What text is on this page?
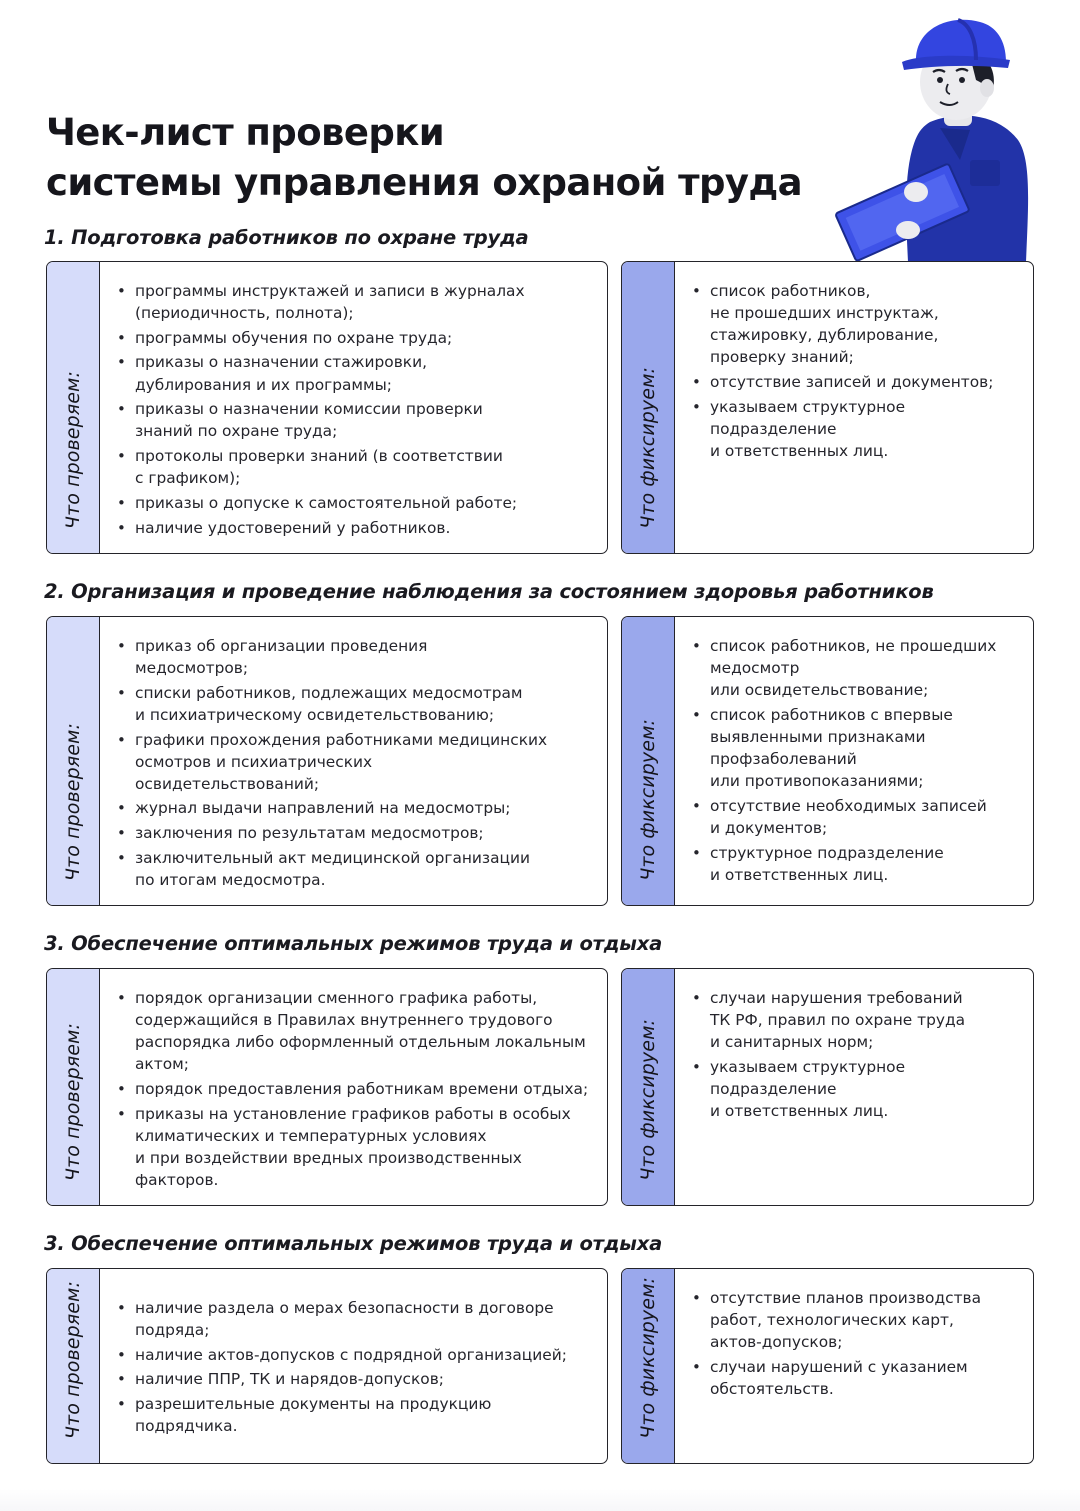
Чек-лист проверки
системы управления охраной труда
1. Подготовка работников по охране труда
Что проверяем:
• программы инструктажей и записи в журналах
(периодичность, полнота);
• программы обучения по охране труда;
• приказы о назначении стажировки,
дублирования и их программы;
• приказы о назначении комиссии проверки
знаний по охране труда;
• протоколы проверки знаний (в соответствии
с графиком);
• приказы о допуске к самостоятельной работе;
• наличие удостоверений у работников.	Что фиксируем:
• список работников,
не прошедших инструктаж,
стажировку, дублирование,
проверку знаний;
• отсутствие записей и документов;
• указываем структурное
подразделение
и ответственных лиц.
2. Организация и проведение наблюдения за состоянием здоровья работников
Что проверяем:
• приказ об организации проведения
медосмотров;
• списки работников, подлежащих медосмотрам
и психиатрическому освидетельствованию;
• графики прохождения работниками медицинских
осмотров и психиатрических
освидетельствований;
• журнал выдачи направлений на медосмотры;
• заключения по результатам медосмотров;
• заключительный акт медицинской организации
по итогам медосмотра.	Что фиксируем:
• список работников, не прошедших
медосмотр
или освидетельствование;
• список работников с впервые
выявленными признаками
профзаболеваний
или противопоказаниями;
• отсутствие необходимых записей
и документов;
• структурное подразделение
и ответственных лиц.
3. Обеспечение оптимальных режимов труда и отдыха
Что проверяем:
• порядок организации сменного графика работы,
содержащийся в Правилах внутреннего трудового
распорядка либо оформленный отдельным локальным
актом;
• порядок предоставления работникам времени отдыха;
• приказы на установление графиков работы в особых
климатических и температурных условиях
и при воздействии вредных производственных
факторов.	Что фиксируем:
• случаи нарушения требований
ТК РФ, правил по охране труда
и санитарных норм;
• указываем структурное
подразделение
и ответственных лиц.
3. Обеспечение оптимальных режимов труда и отдыха
Что проверяем:	• наличие раздела о мерах безопасности в договоре
подряда;
• наличие актов-допусков с подрядной организацией;
• наличие ППР, ТК и нарядов-допусков;
• разрешительные документы на продукцию
подрядчика.	Что фиксируем:	• отсутствие планов производства
работ, технологических карт,
актов-допусков;
• случаи нарушений с указанием
обстоятельств.
